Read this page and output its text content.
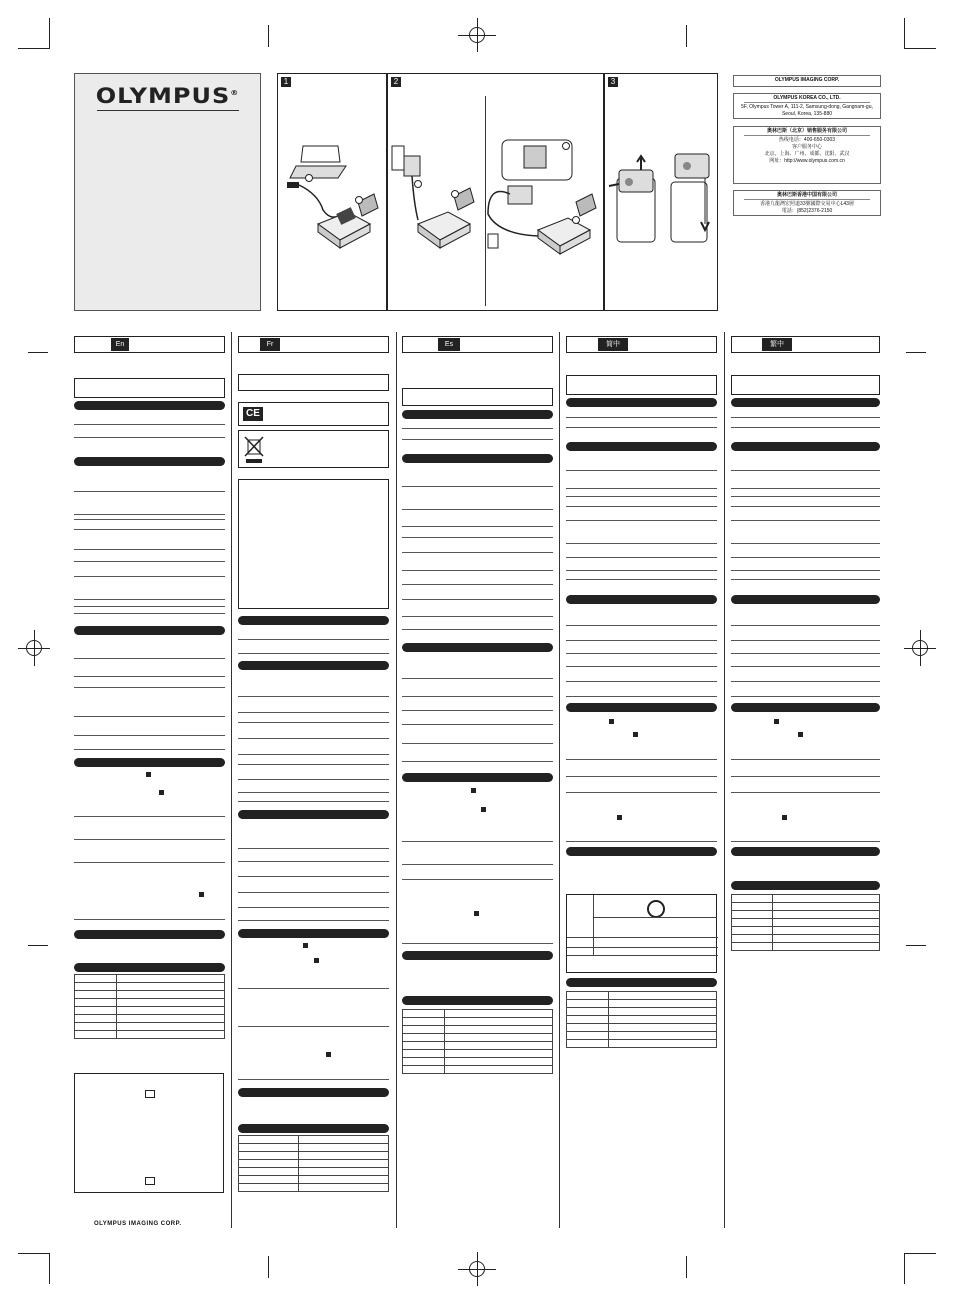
OLYMPUS®
1	2	3	OLYMPUS IMAGING CORP.
OLYMPUS KOREA CO., LTD.
5F, Olympus Tower A, 111-2, Samsung-dong, Gangnam-gu, Seoul, Korea, 135-880
奥林巴斯（北京）销售服务有限公司
热线电话：400-650-0303
客户服务中心
北京、上海、广州、成都、沈阳、武汉
网址：http://www.olympus.com.cn
奥林巴斯香港中国有限公司
香港九龍灣宏照道33號國際交易中心L43層
電話：(852)2376-2150
En

		Fr
CE

Es

		简中

		繁中

OLYMPUS IMAGING CORP.
